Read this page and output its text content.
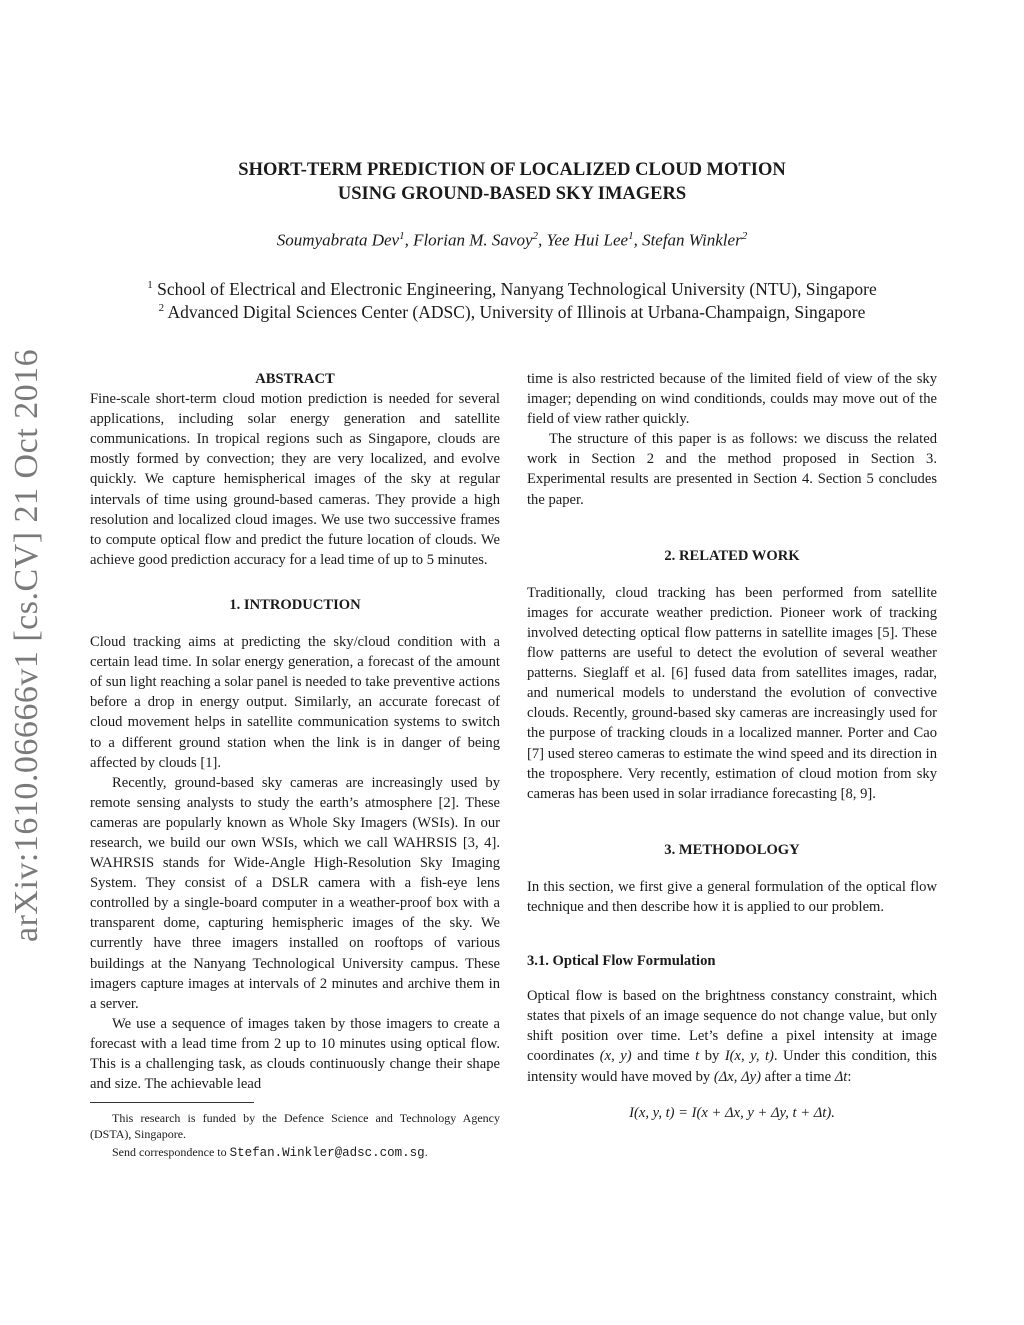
arXiv:1610.06666v1 [cs.CV] 21 Oct 2016
SHORT-TERM PREDICTION OF LOCALIZED CLOUD MOTION
USING GROUND-BASED SKY IMAGERS
Soumyabrata Dev$^1$, Florian M. Savoy$^2$, Yee Hui Lee$^1$, Stefan Winkler$^2$
$^1$ School of Electrical and Electronic Engineering, Nanyang Technological University (NTU), Singapore
$^2$ Advanced Digital Sciences Center (ADSC), University of Illinois at Urbana-Champaign, Singapore

ABSTRACT

Fine-scale short-term cloud motion prediction is needed for several applications, including solar energy generation and satellite communications. In tropical regions such as Singapore, clouds are mostly formed by convection; they are very localized, and evolve quickly. We capture hemispherical images of the sky at regular intervals of time using ground-based cameras. They provide a high resolution and localized cloud images. We use two successive frames to compute optical flow and predict the future location of clouds. We achieve good prediction accuracy for a lead time of up to 5 minutes.

1. INTRODUCTION

Cloud tracking aims at predicting the sky/cloud condition with a certain lead time. In solar energy generation, a forecast of the amount of sun light reaching a solar panel is needed to take preventive actions before a drop in energy output. Similarly, an accurate forecast of cloud movement helps in satellite communication systems to switch to a different ground station when the link is in danger of being affected by clouds [1].

Recently, ground-based sky cameras are increasingly used by remote sensing analysts to study the earth’s atmosphere [2]. These cameras are popularly known as Whole Sky Imagers (WSIs). In our research, we build our own WSIs, which we call WAHRSIS [3, 4]. WAHRSIS stands for Wide-Angle High-Resolution Sky Imaging System. They consist of a DSLR camera with a fish-eye lens controlled by a single-board computer in a weather-proof box with a transparent dome, capturing hemispheric images of the sky. We currently have three imagers installed on rooftops of various buildings at the Nanyang Technological University campus. These imagers capture images at intervals of 2 minutes and archive them in a server.

We use a sequence of images taken by those imagers to create a forecast with a lead time from 2 up to 10 minutes using optical flow. This is a challenging task, as clouds continuously change their shape and size. The achievable lead

This research is funded by the Defence Science and Technology Agency (DSTA), Singapore.

Send correspondence to Stefan.Winkler@adsc.com.sg.

time is also restricted because of the limited field of view of the sky imager; depending on wind conditionds, coulds may move out of the field of view rather quickly.

The structure of this paper is as follows: we discuss the related work in Section 2 and the method proposed in Section 3. Experimental results are presented in Section 4. Section 5 concludes the paper.

2. RELATED WORK

Traditionally, cloud tracking has been performed from satellite images for accurate weather prediction. Pioneer work of tracking involved detecting optical flow patterns in satellite images [5]. These flow patterns are useful to detect the evolution of several weather patterns. Sieglaff et al. [6] fused data from satellites images, radar, and numerical models to understand the evolution of convective clouds. Recently, ground-based sky cameras are increasingly used for the purpose of tracking clouds in a localized manner. Porter and Cao [7] used stereo cameras to estimate the wind speed and its direction in the troposphere. Very recently, estimation of cloud motion from sky cameras has been used in solar irradiance forecasting [8, 9].

3. METHODOLOGY

In this section, we first give a general formulation of the optical flow technique and then describe how it is applied to our problem.

3.1. Optical Flow Formulation

Optical flow is based on the brightness constancy constraint, which states that pixels of an image sequence do not change value, but only shift position over time. Let’s define a pixel intensity at image coordinates (x, y) and time t by I(x, y, t). Under this condition, this intensity would have moved by (Δx, Δy) after a time Δt:

I(x, y, t) = I(x + Δx, y + Δy, t + Δt).
